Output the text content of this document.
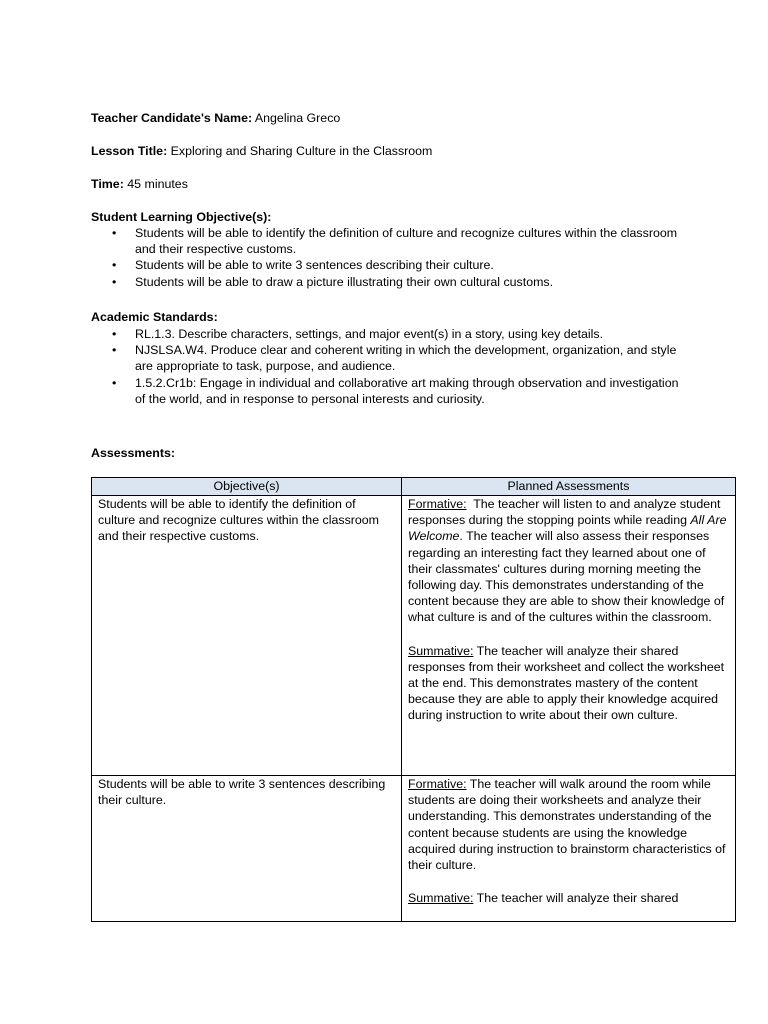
Teacher Candidate's Name: Angelina Greco
Lesson Title: Exploring and Sharing Culture in the Classroom
Time: 45 minutes
Student Learning Objective(s):
• Students will be able to identify the definition of culture and recognize cultures within the classroom and their respective customs.
• Students will be able to write 3 sentences describing their culture.
• Students will be able to draw a picture illustrating their own cultural customs.
Academic Standards:
• RL.1.3. Describe characters, settings, and major event(s) in a story, using key details.
• NJSLSA.W4. Produce clear and coherent writing in which the development, organization, and style are appropriate to task, purpose, and audience.
• 1.5.2.Cr1b: Engage in individual and collaborative art making through observation and investigation of the world, and in response to personal interests and curiosity.
Assessments:
Objective(s)	Planned Assessments
Students will be able to identify the definition of culture and recognize cultures within the classroom and their respective customs.	Formative:  The teacher will listen to and analyze student responses during the stopping points while reading All Are Welcome. The teacher will also assess their responses regarding an interesting fact they learned about one of their classmates' cultures during morning meeting the following day. This demonstrates understanding of the content because they are able to show their knowledge of what culture is and of the cultures within the classroom.
Summative: The teacher will analyze their shared responses from their worksheet and collect the worksheet at the end. This demonstrates mastery of the content because they are able to apply their knowledge acquired during instruction to write about their own culture.

Students will be able to write 3 sentences describing their culture.	Formative: The teacher will walk around the room while students are doing their worksheets and analyze their understanding. This demonstrates understanding of the content because students are using the knowledge acquired during instruction to brainstorm characteristics of their culture.
Summative: The teacher will analyze their shared
